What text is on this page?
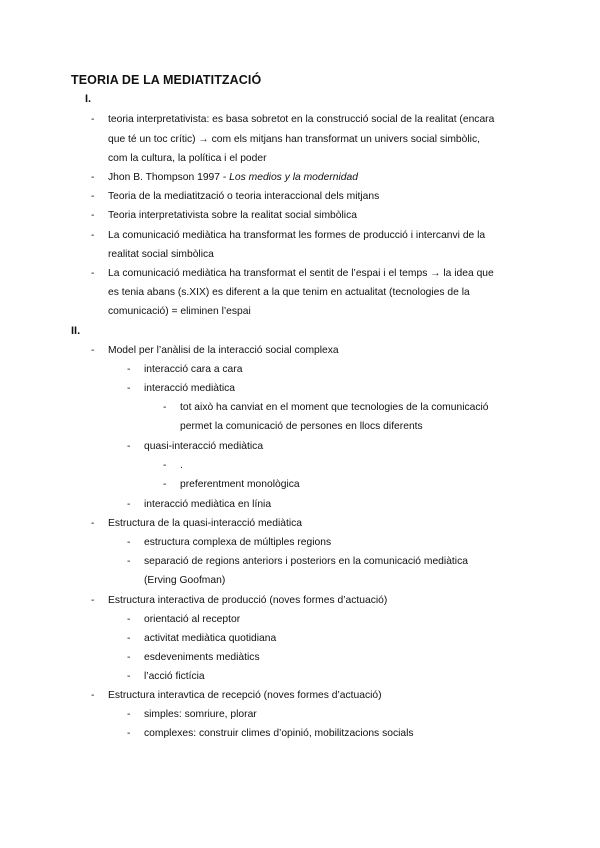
TEORIA DE LA MEDIATITZACIÓ
I.
II.
- teoria interpretativista: es basa sobretot en la construcció social de la realitat (encara
que té un toc crític) → com els mitjans han transformat un univers social simbòlic,
com la cultura, la política i el poder
- Jhon B. Thompson 1997 - Los medios y la modernidad
- Teoria de la mediatització o teoria interaccional dels mitjans
- Teoria interpretativista sobre la realitat social simbòlica
- La comunicació mediàtica ha transformat les formes de producció i intercanvi de la
realitat social simbòlica
- La comunicació mediàtica ha transformat el sentit de l’espai i el temps → la idea que
es tenia abans (s.XIX) es diferent a la que tenim en actualitat (tecnologies de la
comunicació) = eliminen l’espai
- Model per l’anàlisi de la interacció social complexa
- interacció cara a cara
- interacció mediàtica
- tot això ha canviat en el moment que tecnologies de la comunicació
permet la comunicació de persones en llocs diferents
- quasi-interacció mediàtica
- .
- preferentment monològica
- interacció mediàtica en línia
- Estructura de la quasi-interacció mediàtica
- estructura complexa de múltiples regions
- separació de regions anteriors i posteriors en la comunicació mediàtica
(Erving Goofman)
- Estructura interactiva de producció (noves formes d’actuació)
- orientació al receptor
- activitat mediàtica quotidiana
- esdeveniments mediàtics
- l’acció fictícia
- Estructura interavtica de recepció (noves formes d’actuació)
- simples: somriure, plorar
- complexes: construir climes d’opinió, mobilitzacions socials
